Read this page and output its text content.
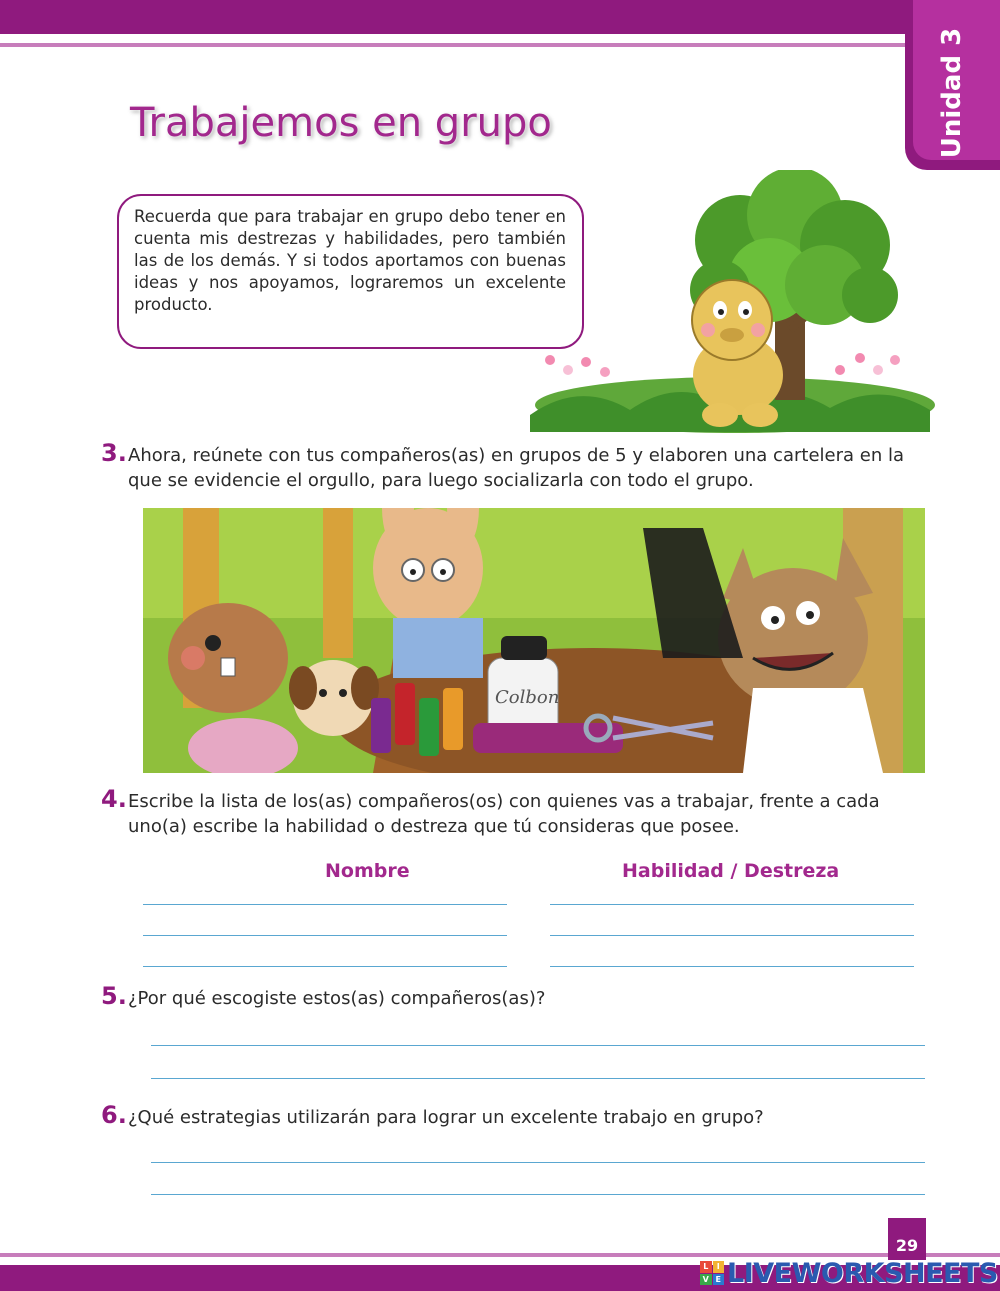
Unidad 3
Trabajemos en grupo
Recuerda que para trabajar en grupo debo tener en cuenta mis destrezas y habilidades, pero también las de los demás. Y si todos aportamos con buenas ideas y nos apoyamos, lograremos un excelente producto.
3. Ahora, reúnete con tus compañeros(as) en grupos de 5 y elaboren una cartelera en la que se evidencie el orgullo, para luego socializarla con todo el grupo.
Colbon
4. Escribe la lista de los(as) compañeros(os) con quienes vas a trabajar, frente a cada uno(a) escribe la habilidad o destreza que tú consideras que posee.
Nombre	Habilidad / Destreza
5. ¿Por qué escogiste estos(as) compañeros(as)?
6. ¿Qué estrategias utilizarán para lograr un excelente trabajo en grupo?
29
L	I
V E LIVEWORKSHEETS
